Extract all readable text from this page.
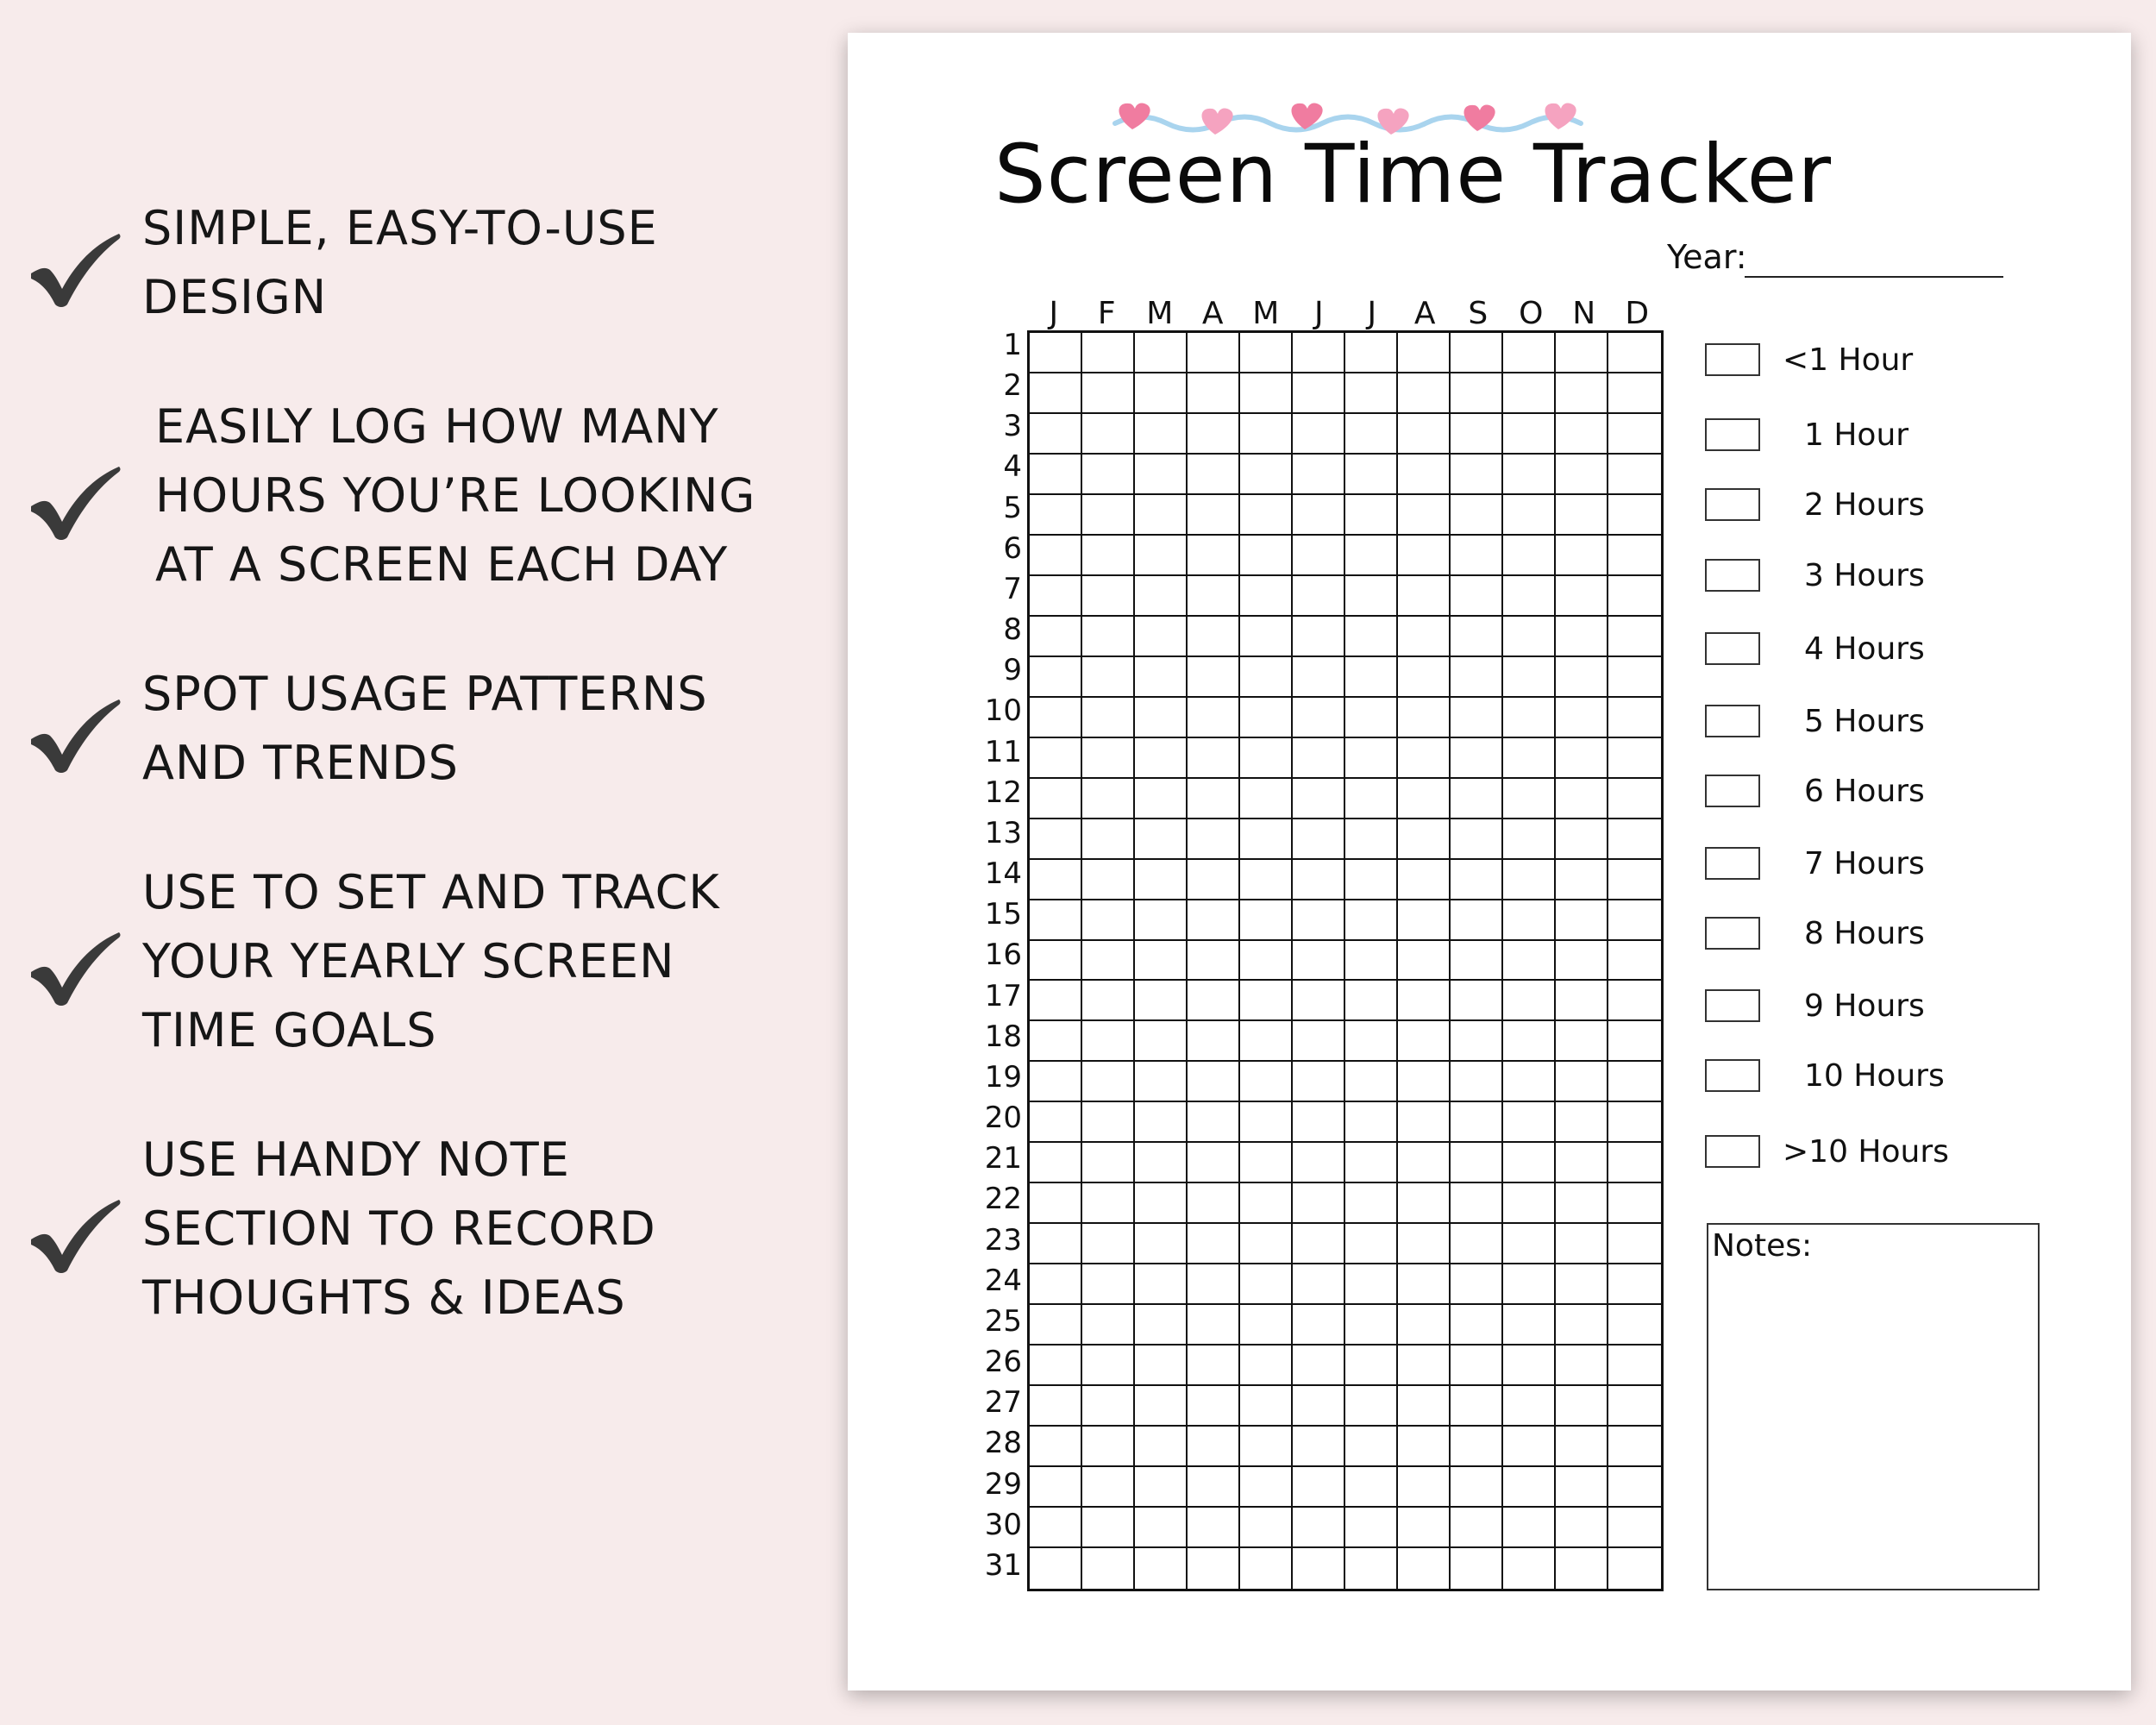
SIMPLE, EASY-TO-USE
DESIGN
EASILY LOG HOW MANY
HOURS YOU’RE LOOKING
AT A SCREEN EACH DAY
SPOT USAGE PATTERNS
AND TRENDS
USE TO SET AND TRACK
YOUR YEARLY SCREEN
TIME GOALS
USE HANDY NOTE
SECTION TO RECORD
THOUGHTS & IDEAS
Screen Time Tracker
Year:
J	F M A M	J	J	A	S O N D
1
2
3
4
5
6
7
8
9
10
11
12
13
14
15
16
17
18
19
20
21
22
23
24
25
26
27
28
29
30
31
<1 Hour
1 Hour
2 Hours
3 Hours
4 Hours
5 Hours
6 Hours
7 Hours
8 Hours
9 Hours
10 Hours
>10 Hours
Notes:
